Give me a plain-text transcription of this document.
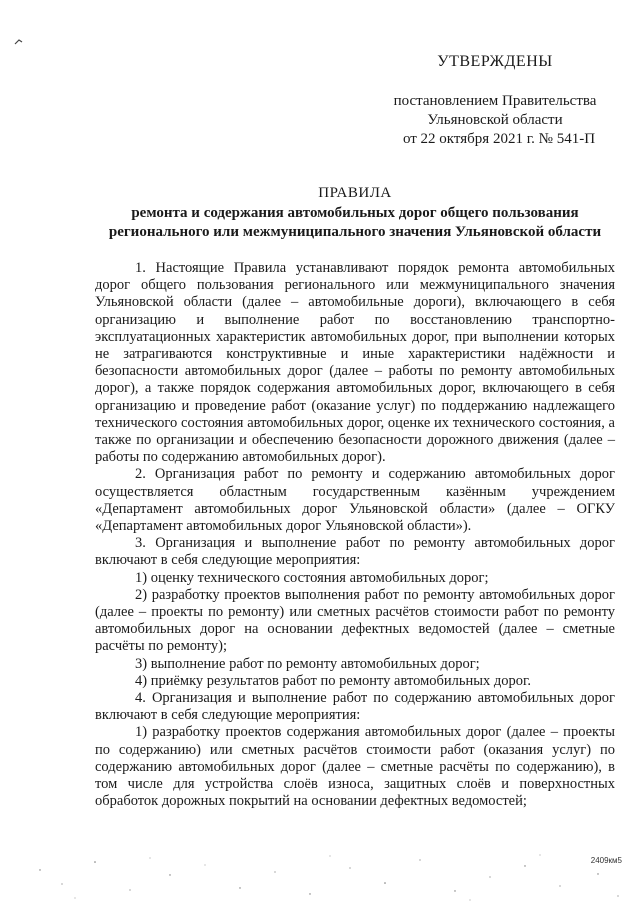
УТВЕРЖДЕНЫ
постановлением Правительства
Ульяновской области
от 22 октября 2021 г. № 541-П
ПРАВИЛА
ремонта и содержания автомобильных дорог общего пользования регионального или межмуниципального значения Ульяновской области

1. Настоящие Правила устанавливают порядок ремонта автомобильных дорог общего пользования регионального или межмуниципального значения Ульяновской области (далее – автомобильные дороги), включающего в себя организацию и выполнение работ по восстановлению транспортно-эксплуатационных характеристик автомобильных дорог, при выполнении которых не затрагиваются конструктивные и иные характеристики надёжности и безопасности автомобильных дорог (далее – работы по ремонту автомобильных дорог), а также порядок содержания автомобильных дорог, включающего в себя организацию и проведение работ (оказание услуг) по поддержанию надлежащего технического состояния автомобильных дорог, оценке их технического состояния, а также по организации и обеспечению безопасности дорожного движения (далее – работы по содержанию автомобильных дорог).

2. Организация работ по ремонту и содержанию автомобильных дорог осуществляется областным государственным казённым учреждением «Департамент автомобильных дорог Ульяновской области» (далее – ОГКУ «Департамент автомобильных дорог Ульяновской области»).

3. Организация и выполнение работ по ремонту автомобильных дорог включают в себя следующие мероприятия:

1) оценку технического состояния автомобильных дорог;

2) разработку проектов выполнения работ по ремонту автомобильных дорог (далее – проекты по ремонту) или сметных расчётов стоимости работ по ремонту автомобильных дорог на основании дефектных ведомостей (далее – сметные расчёты по ремонту);

3) выполнение работ по ремонту автомобильных дорог;

4) приёмку результатов работ по ремонту автомобильных дорог.

4. Организация и выполнение работ по содержанию автомобильных дорог включают в себя следующие мероприятия:

1) разработку проектов содержания автомобильных дорог (далее – проекты по содержанию) или сметных расчётов стоимости работ (оказания услуг) по содержанию автомобильных дорог (далее – сметные расчёты по содержанию), в том числе для устройства слоёв износа, защитных слоёв и поверхностных обработок дорожных покрытий на основании дефектных ведомостей;

2409км5
